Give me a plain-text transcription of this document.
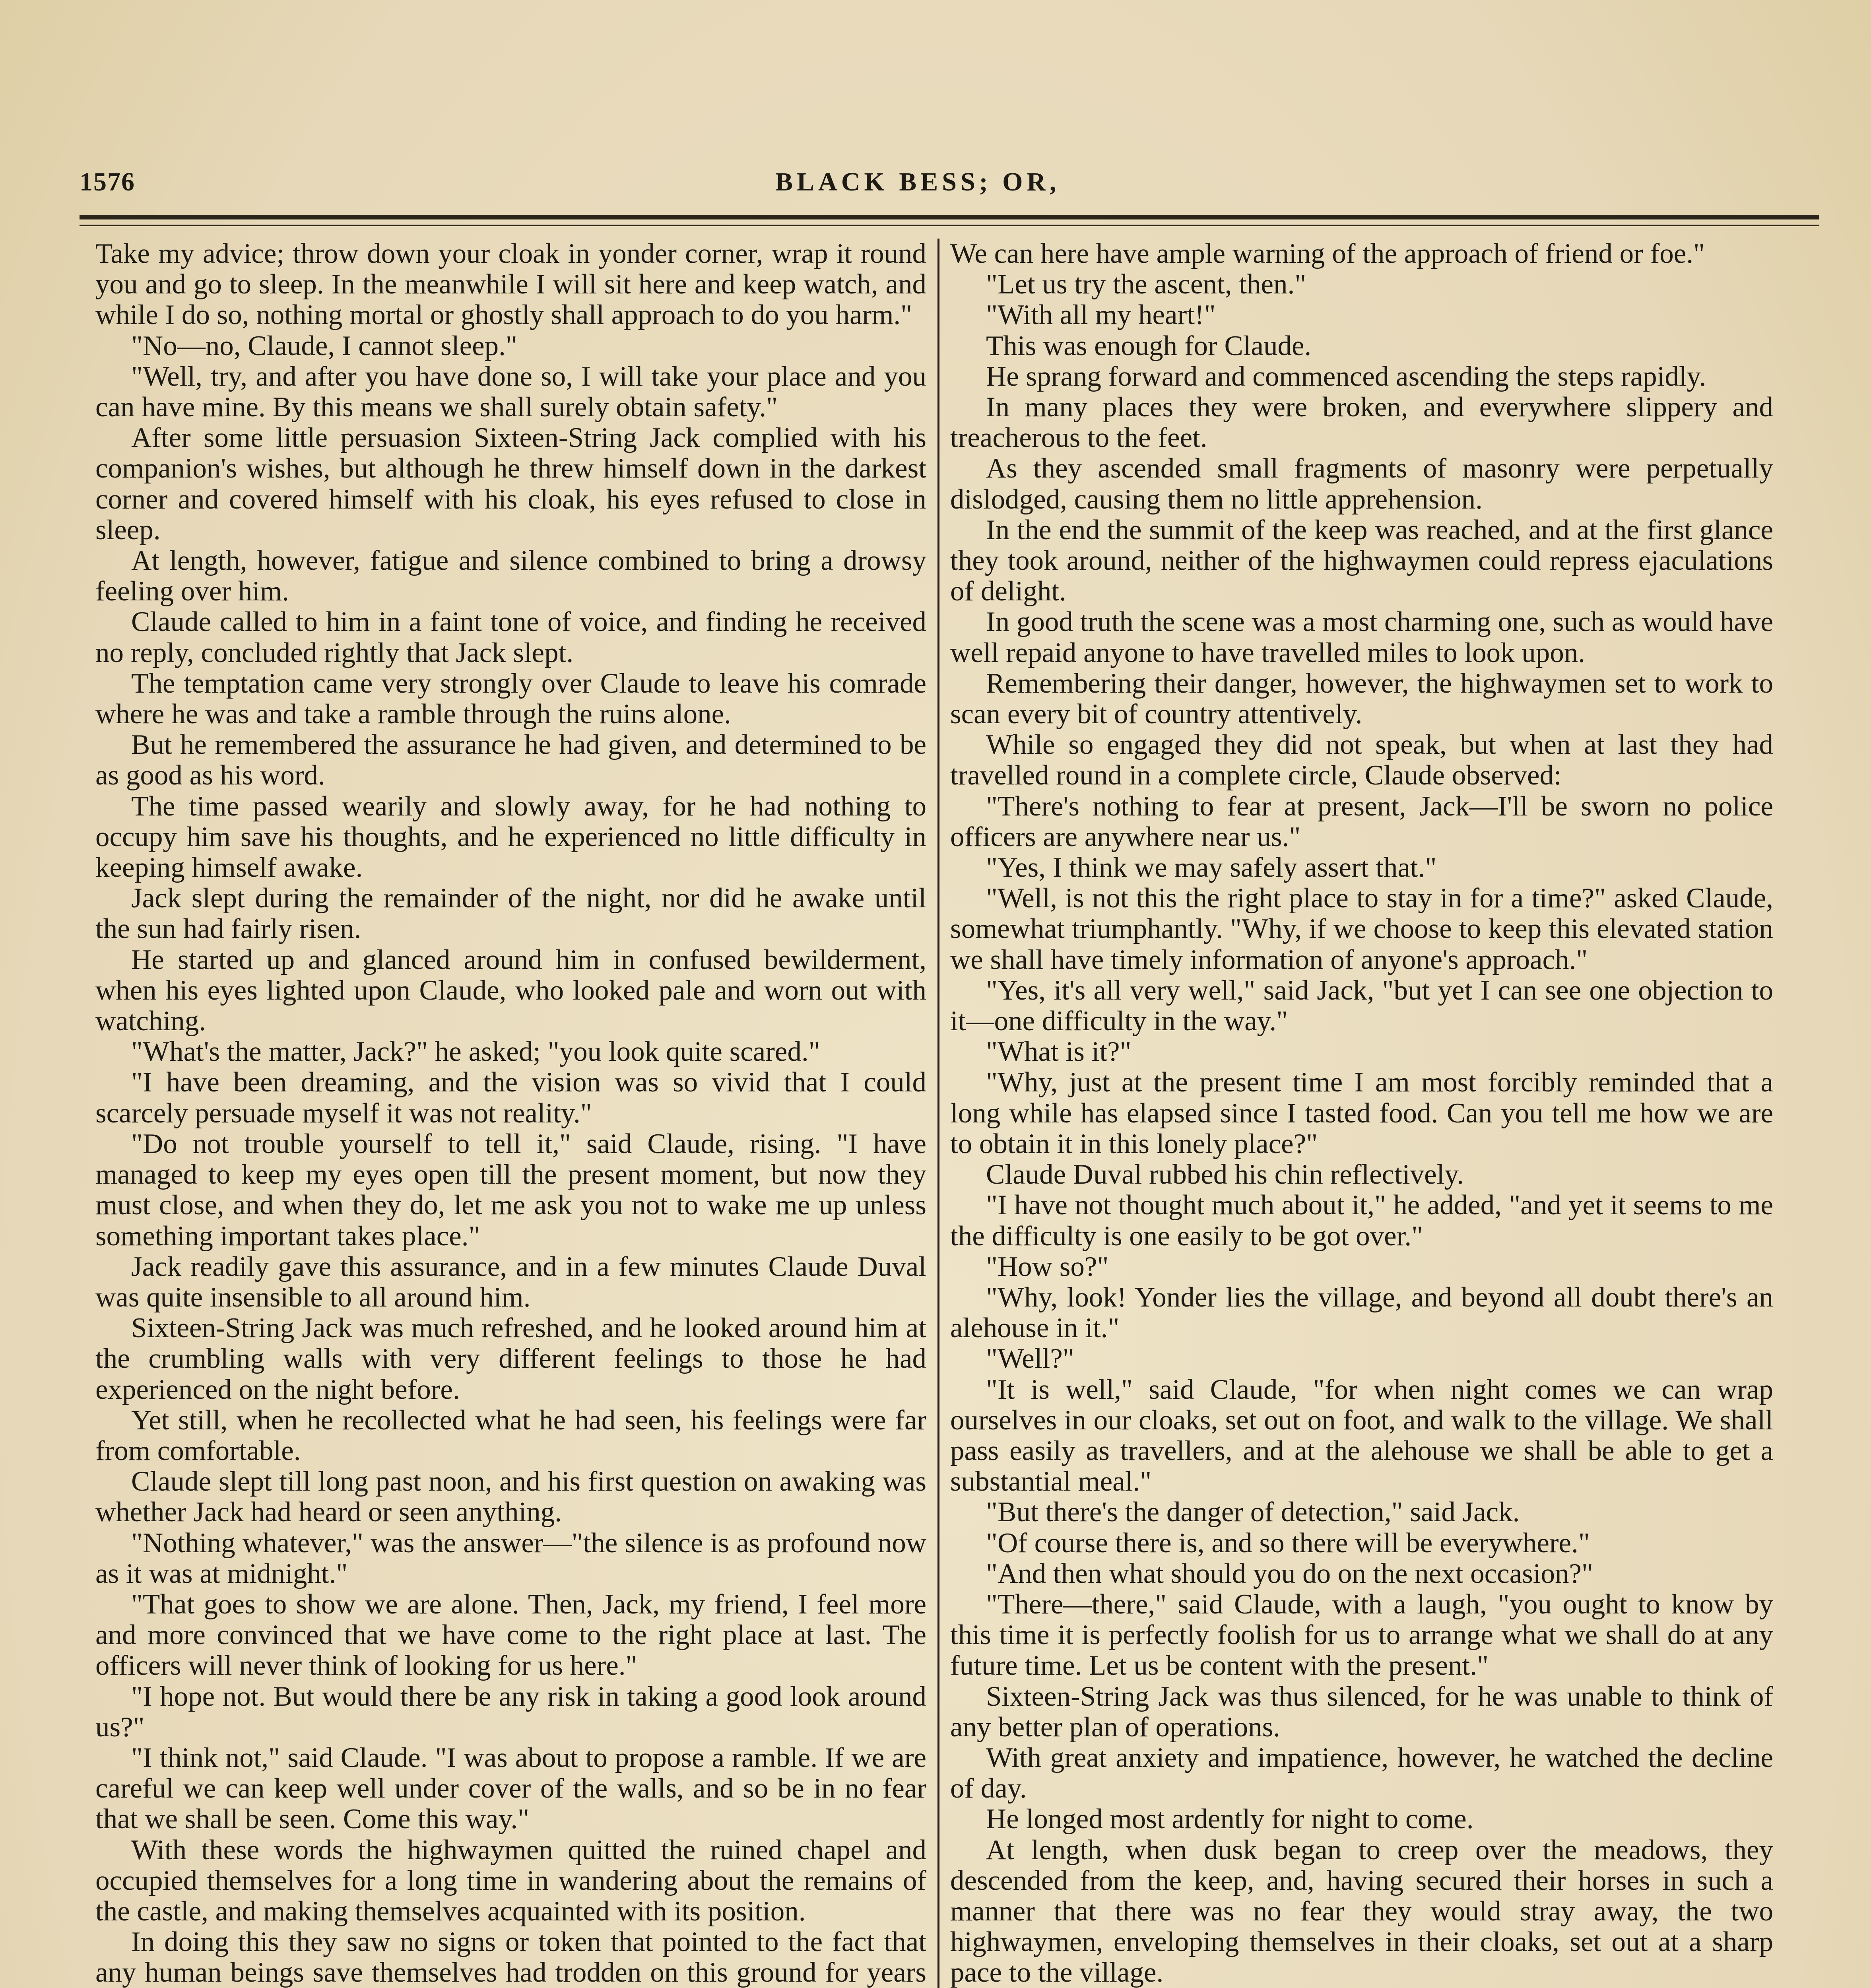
1576	BLACK BESS; OR,

Take my advice; throw down your cloak in yonder corner, wrap it round you and go to sleep. In the meanwhile I will sit here and keep watch, and while I do so, nothing mortal or ghostly shall approach to do you harm."

"No—no, Claude, I cannot sleep."

"Well, try, and after you have done so, I will take your place and you can have mine. By this means we shall surely obtain safety."

After some little persuasion Sixteen-String Jack complied with his companion's wishes, but although he threw himself down in the darkest corner and covered himself with his cloak, his eyes refused to close in sleep.

At length, however, fatigue and silence combined to bring a drowsy feeling over him.

Claude called to him in a faint tone of voice, and finding he received no reply, concluded rightly that Jack slept.

The temptation came very strongly over Claude to leave his comrade where he was and take a ramble through the ruins alone.

But he remembered the assurance he had given, and determined to be as good as his word.

The time passed wearily and slowly away, for he had nothing to occupy him save his thoughts, and he experienced no little difficulty in keeping himself awake.

Jack slept during the remainder of the night, nor did he awake until the sun had fairly risen.

He started up and glanced around him in confused bewilderment, when his eyes lighted upon Claude, who looked pale and worn out with watching.

"What's the matter, Jack?" he asked; "you look quite scared."

"I have been dreaming, and the vision was so vivid that I could scarcely persuade myself it was not reality."

"Do not trouble yourself to tell it," said Claude, rising. "I have managed to keep my eyes open till the present moment, but now they must close, and when they do, let me ask you not to wake me up unless something important takes place."

Jack readily gave this assurance, and in a few minutes Claude Duval was quite insensible to all around him.

Sixteen-String Jack was much refreshed, and he looked around him at the crumbling walls with very different feelings to those he had experienced on the night before.

Yet still, when he recollected what he had seen, his feelings were far from comfortable.

Claude slept till long past noon, and his first question on awaking was whether Jack had heard or seen anything.

"Nothing whatever," was the answer—"the silence is as profound now as it was at midnight."

"That goes to show we are alone. Then, Jack, my friend, I feel more and more convinced that we have come to the right place at last. The officers will never think of looking for us here."

"I hope not. But would there be any risk in taking a good look around us?"

"I think not," said Claude. "I was about to propose a ramble. If we are careful we can keep well under cover of the walls, and so be in no fear that we shall be seen. Come this way."

With these words the highwaymen quitted the ruined chapel and occupied themselves for a long time in wandering about the remains of the castle, and making themselves acquainted with its position.

In doing this they saw no signs or token that pointed to the fact that any human beings save themselves had trodden on this ground for years

We can here have ample warning of the approach of friend or foe."

"Let us try the ascent, then."

"With all my heart!"

This was enough for Claude.

He sprang forward and commenced ascending the steps rapidly.

In many places they were broken, and everywhere slippery and treacherous to the feet.

As they ascended small fragments of masonry were perpetually dislodged, causing them no little apprehension.

In the end the summit of the keep was reached, and at the first glance they took around, neither of the highwaymen could repress ejaculations of delight.

In good truth the scene was a most charming one, such as would have well repaid anyone to have travelled miles to look upon.

Remembering their danger, however, the highwaymen set to work to scan every bit of country attentively.

While so engaged they did not speak, but when at last they had travelled round in a complete circle, Claude observed:

"There's nothing to fear at present, Jack—I'll be sworn no police officers are anywhere near us."

"Yes, I think we may safely assert that."

"Well, is not this the right place to stay in for a time?" asked Claude, somewhat triumphantly. "Why, if we choose to keep this elevated station we shall have timely information of anyone's approach."

"Yes, it's all very well," said Jack, "but yet I can see one objection to it—one difficulty in the way."

"What is it?"

"Why, just at the present time I am most forcibly reminded that a long while has elapsed since I tasted food. Can you tell me how we are to obtain it in this lonely place?"

Claude Duval rubbed his chin reflectively.

"I have not thought much about it," he added, "and yet it seems to me the difficulty is one easily to be got over."

"How so?"

"Why, look! Yonder lies the village, and beyond all doubt there's an alehouse in it."

"Well?"

"It is well," said Claude, "for when night comes we can wrap ourselves in our cloaks, set out on foot, and walk to the village. We shall pass easily as travellers, and at the alehouse we shall be able to get a substantial meal."

"But there's the danger of detection," said Jack.

"Of course there is, and so there will be everywhere."

"And then what should you do on the next occasion?"

"There—there," said Claude, with a laugh, "you ought to know by this time it is perfectly foolish for us to arrange what we shall do at any future time. Let us be content with the present."

Sixteen-String Jack was thus silenced, for he was unable to think of any better plan of operations.

With great anxiety and impatience, however, he watched the decline of day.

He longed most ardently for night to come.

At length, when dusk began to creep over the meadows, they descended from the keep, and, having secured their horses in such a manner that there was no fear they would stray away, the two highwaymen, enveloping themselves in their cloaks, set out at a sharp pace to the village.
